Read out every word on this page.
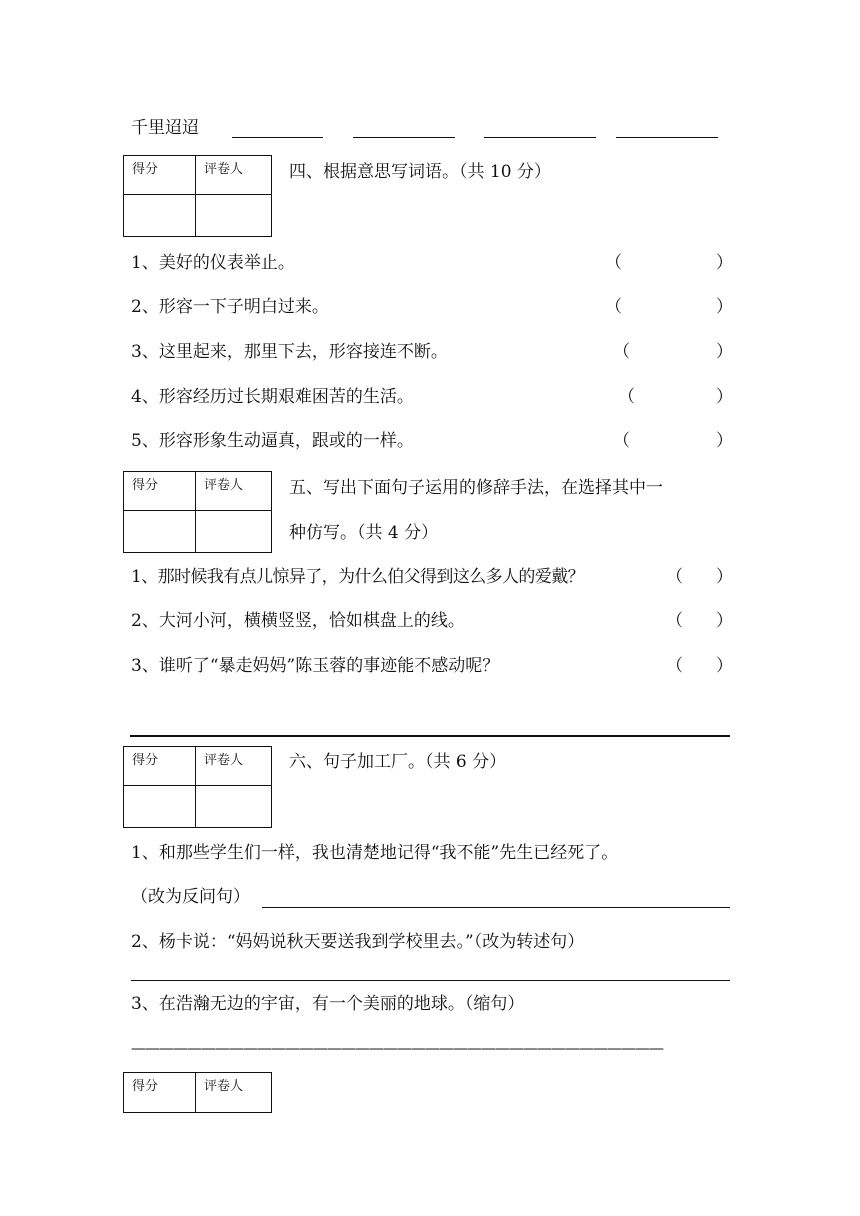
千里迢迢
得分	评卷人	四、根据意思写词语。（共 10 分）
1、美好的仪表举止。	（	）
2、形容一下子明白过来。	（	）
3、这里起来，那里下去，形容接连不断。	（	）
4、形容经历过长期艰难困苦的生活。	（	）
5、形容形象生动逼真，跟或的一样。	（	）
得分	评卷人	五、写出下面句子运用的修辞手法，在选择其中一
种仿写。（共 4 分）
1、那时候我有点儿惊异了，为什么伯父得到这么多人的爱戴？	（ ）
2、大河小河，横横竖竖，恰如棋盘上的线。	（ ）
3、谁听了“暴走妈妈”陈玉蓉的事迹能不感动呢？	（ ）
得分	评卷人	六、句子加工厂。（共 6 分）
1、和那些学生们一样，我也清楚地记得“我不能”先生已经死了。
（改为反问句）
2、杨卡说：“妈妈说秋天要送我到学校里去。”（改为转述句）
3、在浩瀚无边的宇宙，有一个美丽的地球。（缩句）
——————————————————————————————————————
得分	评卷人
